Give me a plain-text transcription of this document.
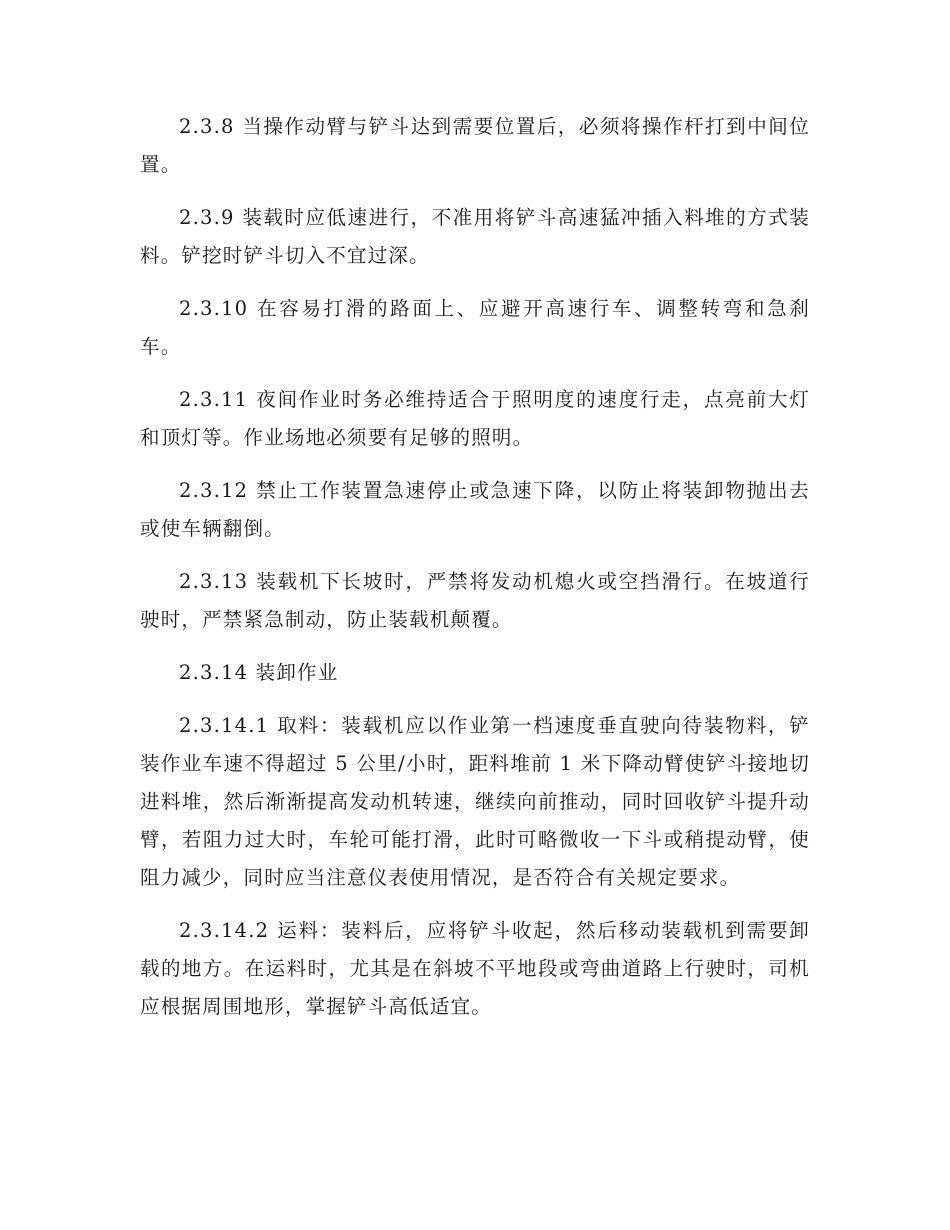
2.3.8 当操作动臂与铲斗达到需要位置后，必须将操作杆打到中间位置。

2.3.9 装载时应低速进行，不准用将铲斗高速猛冲插入料堆的方式装料。铲挖时铲斗切入不宜过深。

2.3.10 在容易打滑的路面上、应避开高速行车、调整转弯和急刹车。

2.3.11 夜间作业时务必维持适合于照明度的速度行走，点亮前大灯和顶灯等。作业场地必须要有足够的照明。

2.3.12 禁止工作装置急速停止或急速下降，以防止将装卸物抛出去或使车辆翻倒。

2.3.13 装载机下长坡时，严禁将发动机熄火或空挡滑行。在坡道行驶时，严禁紧急制动，防止装载机颠覆。

2.3.14 装卸作业

2.3.14.1 取料：装载机应以作业第一档速度垂直驶向待装物料，铲装作业车速不得超过 5 公里/小时，距料堆前 1 米下降动臂使铲斗接地切进料堆，然后渐渐提高发动机转速，继续向前推动，同时回收铲斗提升动臂，若阻力过大时，车轮可能打滑，此时可略微收一下斗或稍提动臂，使阻力减少，同时应当注意仪表使用情况，是否符合有关规定要求。

2.3.14.2 运料：装料后，应将铲斗收起，然后移动装载机到需要卸载的地方。在运料时，尤其是在斜坡不平地段或弯曲道路上行驶时，司机应根据周围地形，掌握铲斗高低适宜。
